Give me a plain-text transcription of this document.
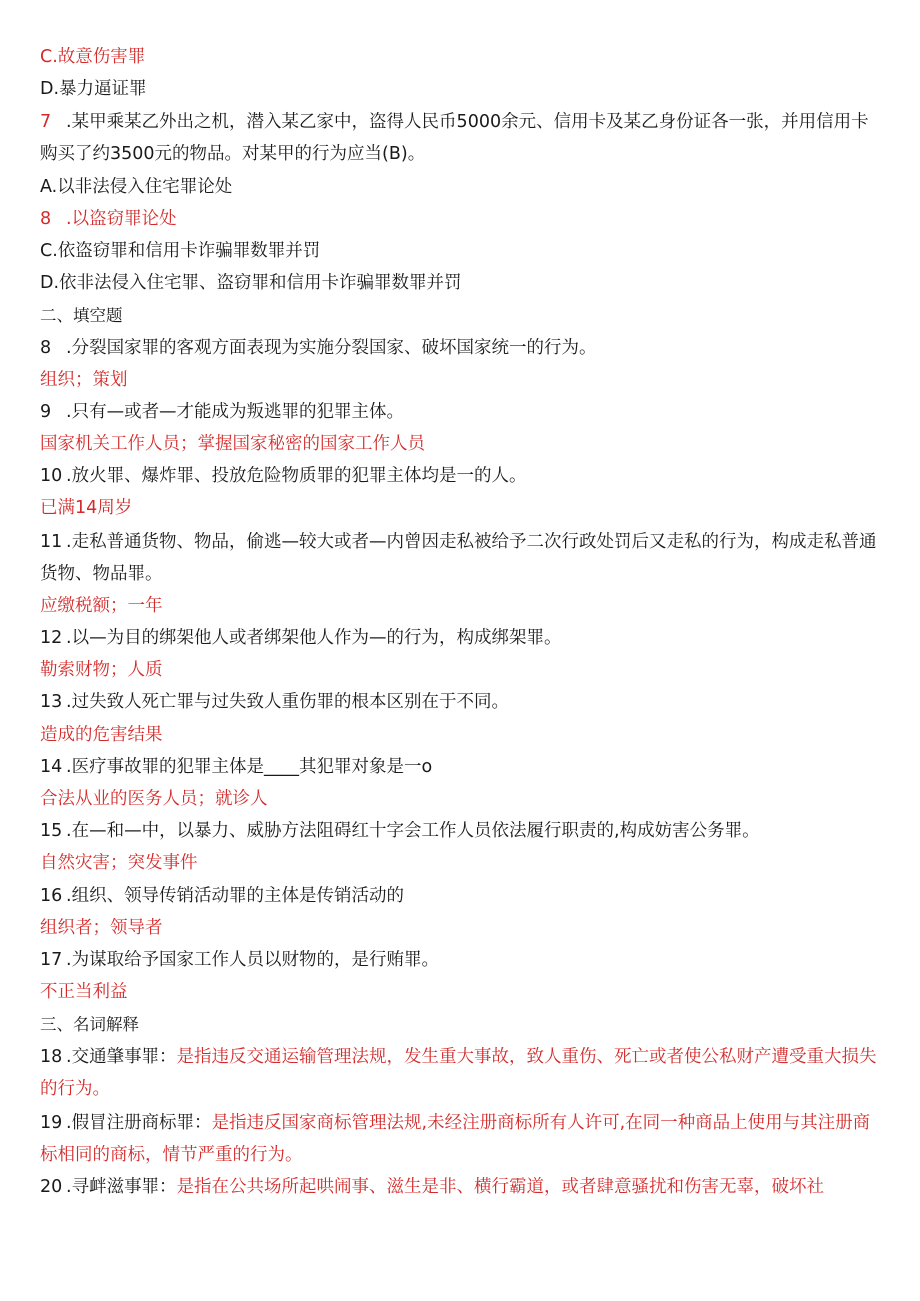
C.故意伤害罪
D.暴力逼证罪
7 .某甲乘某乙外出之机，潜入某乙家中，盗得人民币5000余元、信用卡及某乙身份证各一张，并用信用卡购买了约3500元的物品。对某甲的行为应当(B)。
A.以非法侵入住宅罪论处
8 .以盗窃罪论处
C.依盗窃罪和信用卡诈骗罪数罪并罚
D.依非法侵入住宅罪、盗窃罪和信用卡诈骗罪数罪并罚
二、填空题
8 .分裂国家罪的客观方面表现为实施分裂国家、破坏国家统一的行为。
组织；策划
9 .只有—或者—才能成为叛逃罪的犯罪主体。
国家机关工作人员；掌握国家秘密的国家工作人员
10 .放火罪、爆炸罪、投放危险物质罪的犯罪主体均是一的人。
已满14周岁
11 .走私普通货物、物品，偷逃—较大或者—内曾因走私被给予二次行政处罚后又走私的行为，构成走私普通货物、物品罪。
应缴税额；一年
12 .以—为目的绑架他人或者绑架他人作为—的行为，构成绑架罪。
勒索财物；人质
13 .过失致人死亡罪与过失致人重伤罪的根本区别在于不同。
造成的危害结果
14 .医疗事故罪的犯罪主体是____其犯罪对象是一o
合法从业的医务人员；就诊人
15 .在—和—中，以暴力、威胁方法阻碍红十字会工作人员依法履行职责的,构成妨害公务罪。
自然灾害；突发事件
16 .组织、领导传销活动罪的主体是传销活动的
组织者；领导者
17 .为谋取给予国家工作人员以财物的，是行贿罪。
不正当利益
三、名词解释
18 .交通肇事罪：是指违反交通运输管理法规，发生重大事故，致人重伤、死亡或者使公私财产遭受重大损失的行为。
19 .假冒注册商标罪：是指违反国家商标管理法规,未经注册商标所有人许可,在同一种商品上使用与其注册商标相同的商标，情节严重的行为。
20 .寻衅滋事罪：是指在公共场所起哄闹事、滋生是非、横行霸道，或者肆意骚扰和伤害无辜，破坏社
